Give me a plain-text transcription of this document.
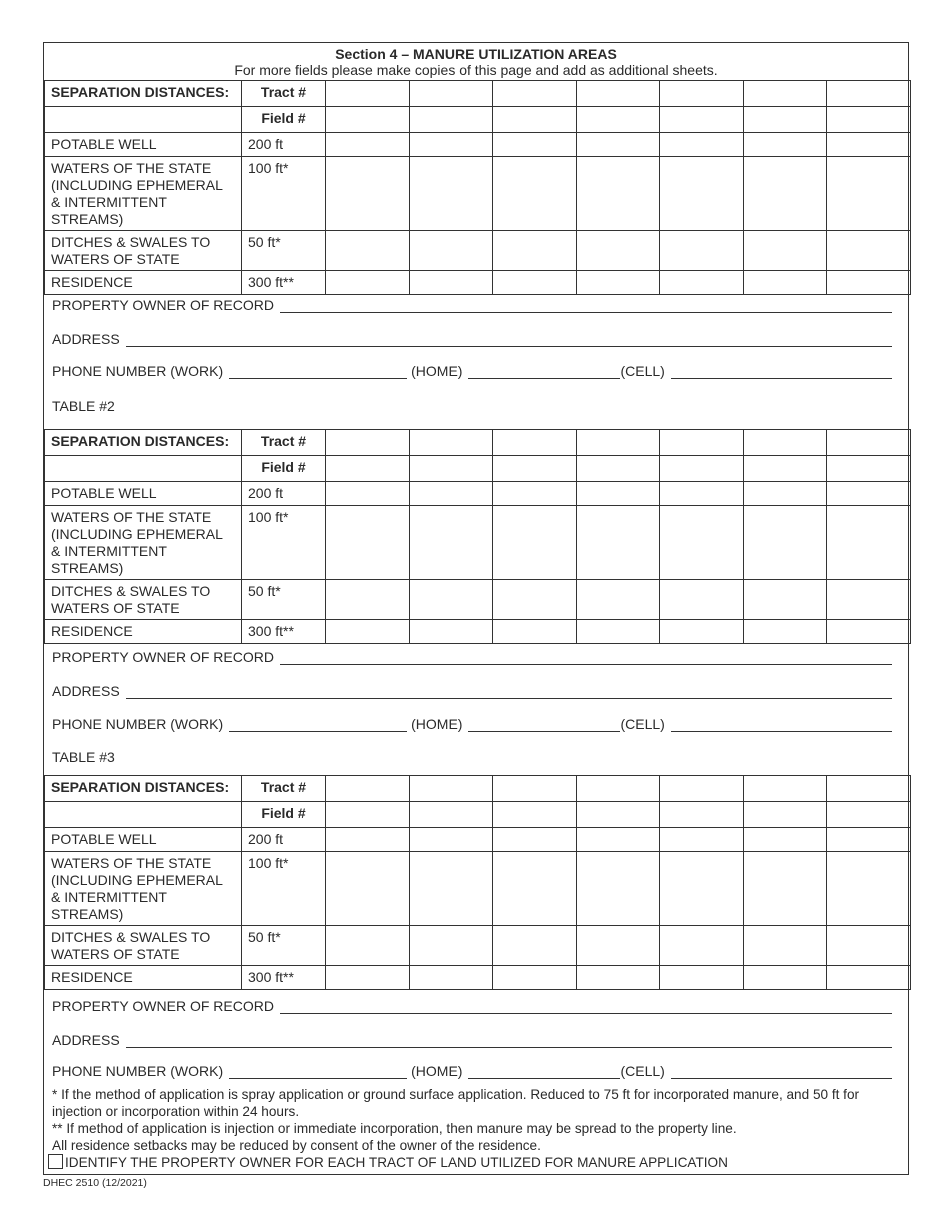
Section 4 – MANURE UTILIZATION AREAS
For more fields please make copies of this page and add as additional sheets.
SEPARATION DISTANCES:	Tract #							
	Field #							
POTABLE WELL	200 ft							
WATERS OF THE STATE (INCLUDING EPHEMERAL & INTERMITTENT STREAMS)	100 ft*							
DITCHES & SWALES TO WATERS OF STATE	50 ft*							
RESIDENCE	300 ft**							
PROPERTY OWNER OF RECORD
ADDRESS
PHONE NUMBER (WORK)	(HOME)	(CELL)
TABLE #2
SEPARATION DISTANCES:	Tract #							
	Field #							
POTABLE WELL	200 ft							
WATERS OF THE STATE (INCLUDING EPHEMERAL & INTERMITTENT STREAMS)	100 ft*							
DITCHES & SWALES TO WATERS OF STATE	50 ft*							
RESIDENCE	300 ft**							
PROPERTY OWNER OF RECORD
ADDRESS
PHONE NUMBER (WORK)	(HOME)	(CELL)
TABLE #3
SEPARATION DISTANCES:	Tract #							
	Field #							
POTABLE WELL	200 ft							
WATERS OF THE STATE (INCLUDING EPHEMERAL & INTERMITTENT STREAMS)	100 ft*							
DITCHES & SWALES TO WATERS OF STATE	50 ft*							
RESIDENCE	300 ft**							
PROPERTY OWNER OF RECORD
ADDRESS
PHONE NUMBER (WORK)	(HOME)	(CELL)
* If the method of application is spray application or ground surface application. Reduced to 75 ft for incorporated manure, and 50 ft for injection or incorporation within 24 hours.
** If method of application is injection or immediate incorporation, then manure may be spread to the property line.
All residence setbacks may be reduced by consent of the owner of the residence.
IDENTIFY THE PROPERTY OWNER FOR EACH TRACT OF LAND UTILIZED FOR MANURE APPLICATION
DHEC 2510 (12/2021)
